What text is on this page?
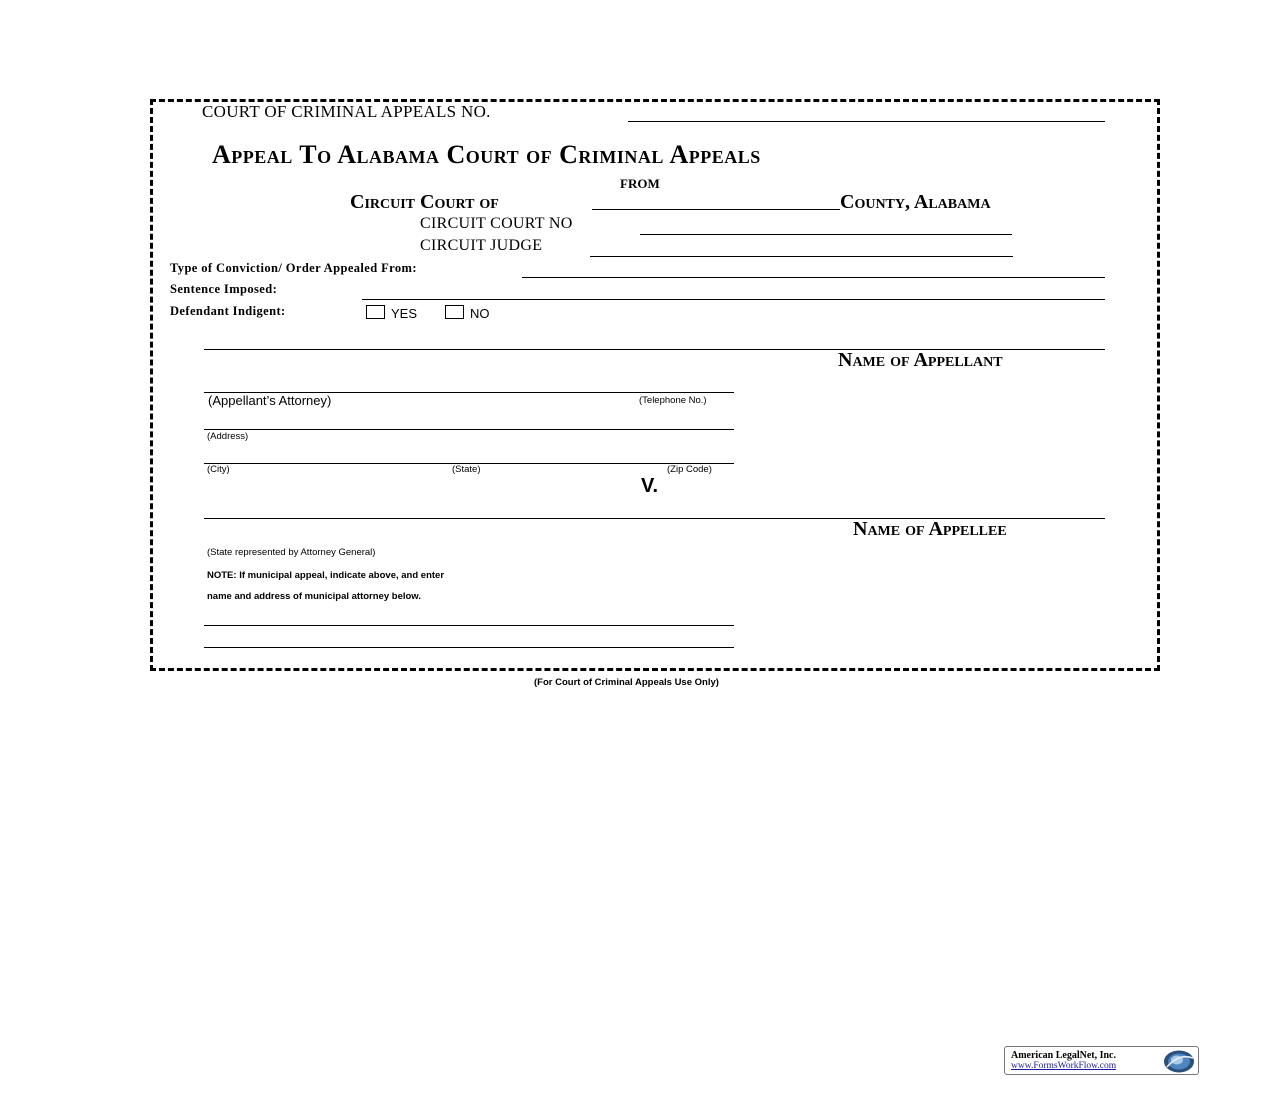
COURT OF CRIMINAL APPEALS NO.
Appeal To Alabama Court of Criminal Appeals
from
Circuit Court of	County, Alabama
CIRCUIT COURT NO
CIRCUIT JUDGE
Type of Conviction/ Order Appealed From:
Sentence Imposed:
Defendant Indigent:	YES	NO
Name of Appellant
(Appellant’s Attorney)	(Telephone No.)
(Address)
(City)	(State)	(Zip Code)
V.
Name of Appellee
(State represented by Attorney General)
NOTE: If municipal appeal, indicate above, and enter
name and address of municipal attorney below.
(For Court of Criminal Appeals Use Only)
American LegalNet, Inc.
www.FormsWorkFlow.com
